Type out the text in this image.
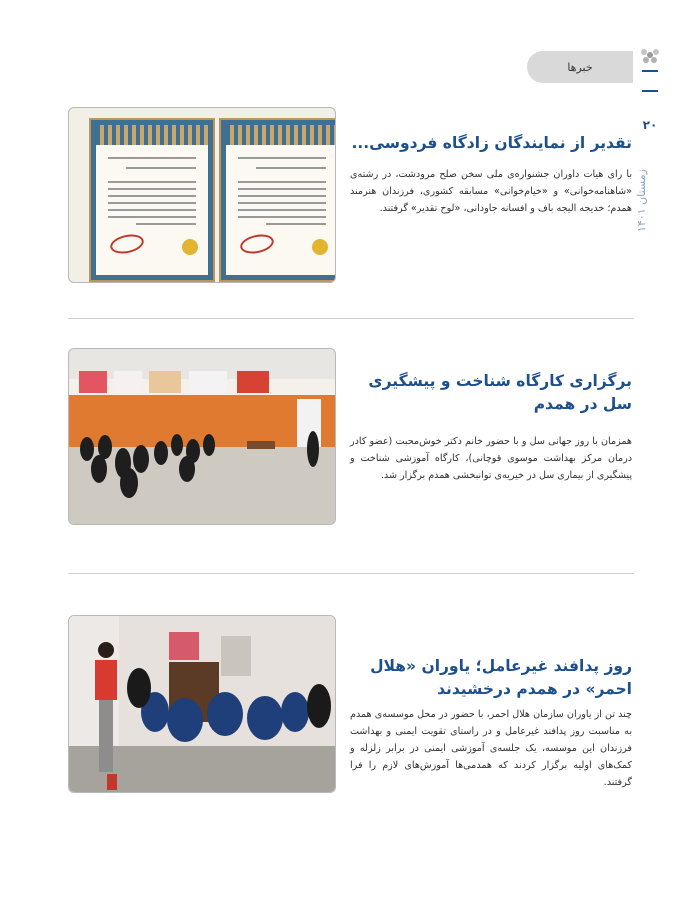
خبرها
۲۰
زمستان ۱۴۰۱
تقدیر از نمایندگان زادگاه فردوسی...
با رای هیات داوران جشنواره‌ی ملی سخن صلح مرودشت، در رشته‌ی «شاهنامه‌خوانی» و «خیام‌خوانی» مسابقه کشوری، فرزندان هنرمند همدم؛ خدیجه الیجه باف و افسانه جاودانی، «لوح تقدیر» گرفتند.
برگزاری کارگاه شناخت و پیشگیری سل در همدم
همزمان با روز جهانی سل و با حضور خانم دکتر خوش‌محبت (عضو کادر درمان مرکز بهداشت موسوی قوچانی)، کارگاه آموزشی شناخت و پیشگیری از بیماری سل در خیریه‌ی توانبخشی همدم برگزار شد.
روز پدافند غیرعامل؛ یاوران «هلال احمر» در همدم درخشیدند
چند تن از یاوران سازمان هلال احمر، با حضور در محل موسسه‌ی همدم به مناسبت روز پدافند غیرعامل و در راستای تقویت ایمنی و بهداشت فرزندان این موسسه، یک جلسه‌ی آموزشی ایمنی در برابر زلزله و کمک‌های اولیه برگزار کردند که همدمی‌ها آموزش‌های لازم را فرا گرفتند.
